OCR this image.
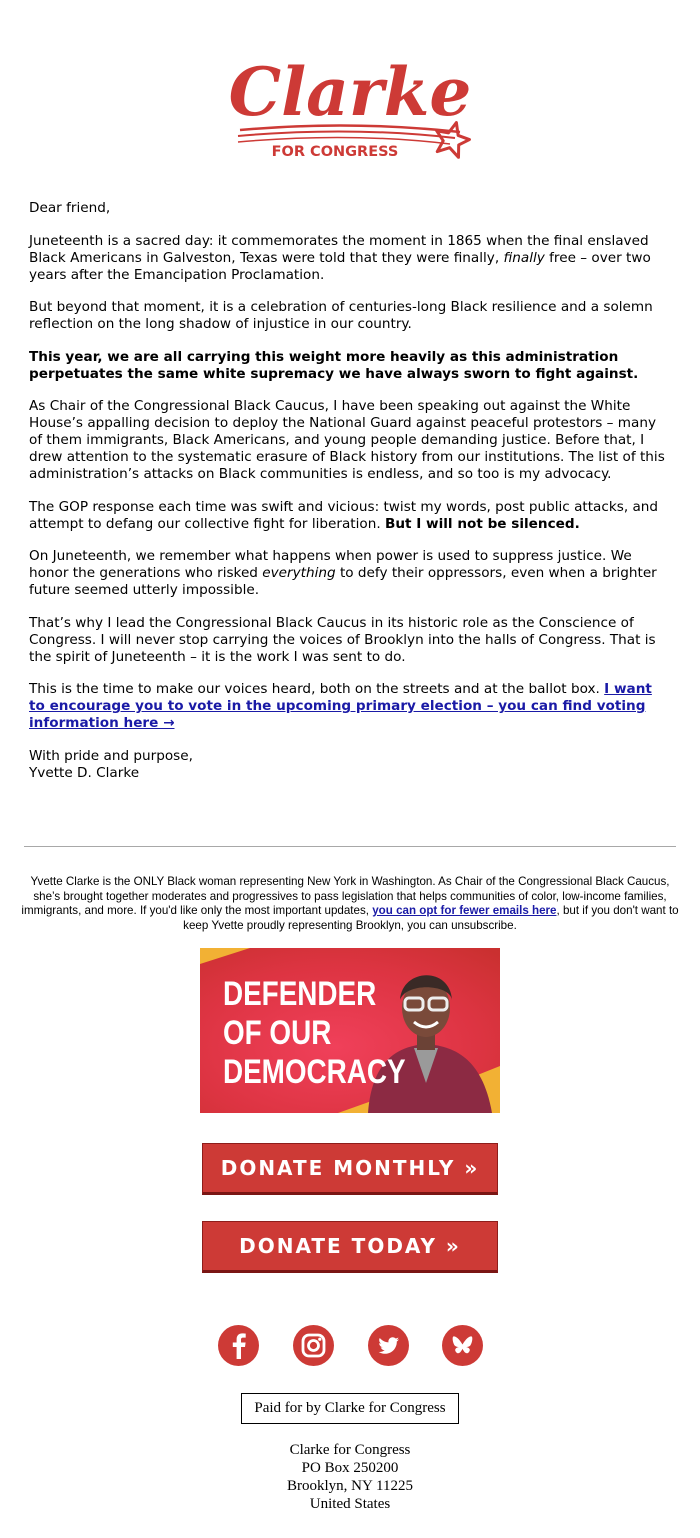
Clarke
FOR CONGRESS

Dear friend,

Juneteenth is a sacred day: it commemorates the moment in 1865 when the final enslaved Black Americans in Galveston, Texas were told that they were finally, finally free – over two years after the Emancipation Proclamation.

But beyond that moment, it is a celebration of centuries-long Black resilience and a solemn reflection on the long shadow of injustice in our country.

This year, we are all carrying this weight more heavily as this administration perpetuates the same white supremacy we have always sworn to fight against.

As Chair of the Congressional Black Caucus, I have been speaking out against the White House’s appalling decision to deploy the National Guard against peaceful protestors – many of them immigrants, Black Americans, and young people demanding justice. Before that, I drew attention to the systematic erasure of Black history from our institutions. The list of this administration’s attacks on Black communities is endless, and so too is my advocacy.

The GOP response each time was swift and vicious: twist my words, post public attacks, and attempt to defang our collective fight for liberation. But I will not be silenced.

On Juneteenth, we remember what happens when power is used to suppress justice. We honor the generations who risked everything to defy their oppressors, even when a brighter future seemed utterly impossible.

That’s why I lead the Congressional Black Caucus in its historic role as the Conscience of Congress. I will never stop carrying the voices of Brooklyn into the halls of Congress. That is the spirit of Juneteenth – it is the work I was sent to do.

This is the time to make our voices heard, both on the streets and at the ballot box. I want to encourage you to vote in the upcoming primary election – you can find voting information here →

With pride and purpose,
Yvette D. Clarke

Yvette Clarke is the ONLY Black woman representing New York in Washington. As Chair of the Congressional Black Caucus, she’s brought together moderates and progressives to pass legislation that helps communities of color, low-income families, immigrants, and more. If you'd like only the most important updates, you can opt for fewer emails here, but if you don't want to keep Yvette proudly representing Brooklyn, you can unsubscribe.
DEFENDER
OF OUR
DEMOCRACY
DONATE MONTHLY »
DONATE TODAY »
Paid for by Clarke for Congress
Clarke for Congress
PO Box 250200
Brooklyn, NY 11225
United States
